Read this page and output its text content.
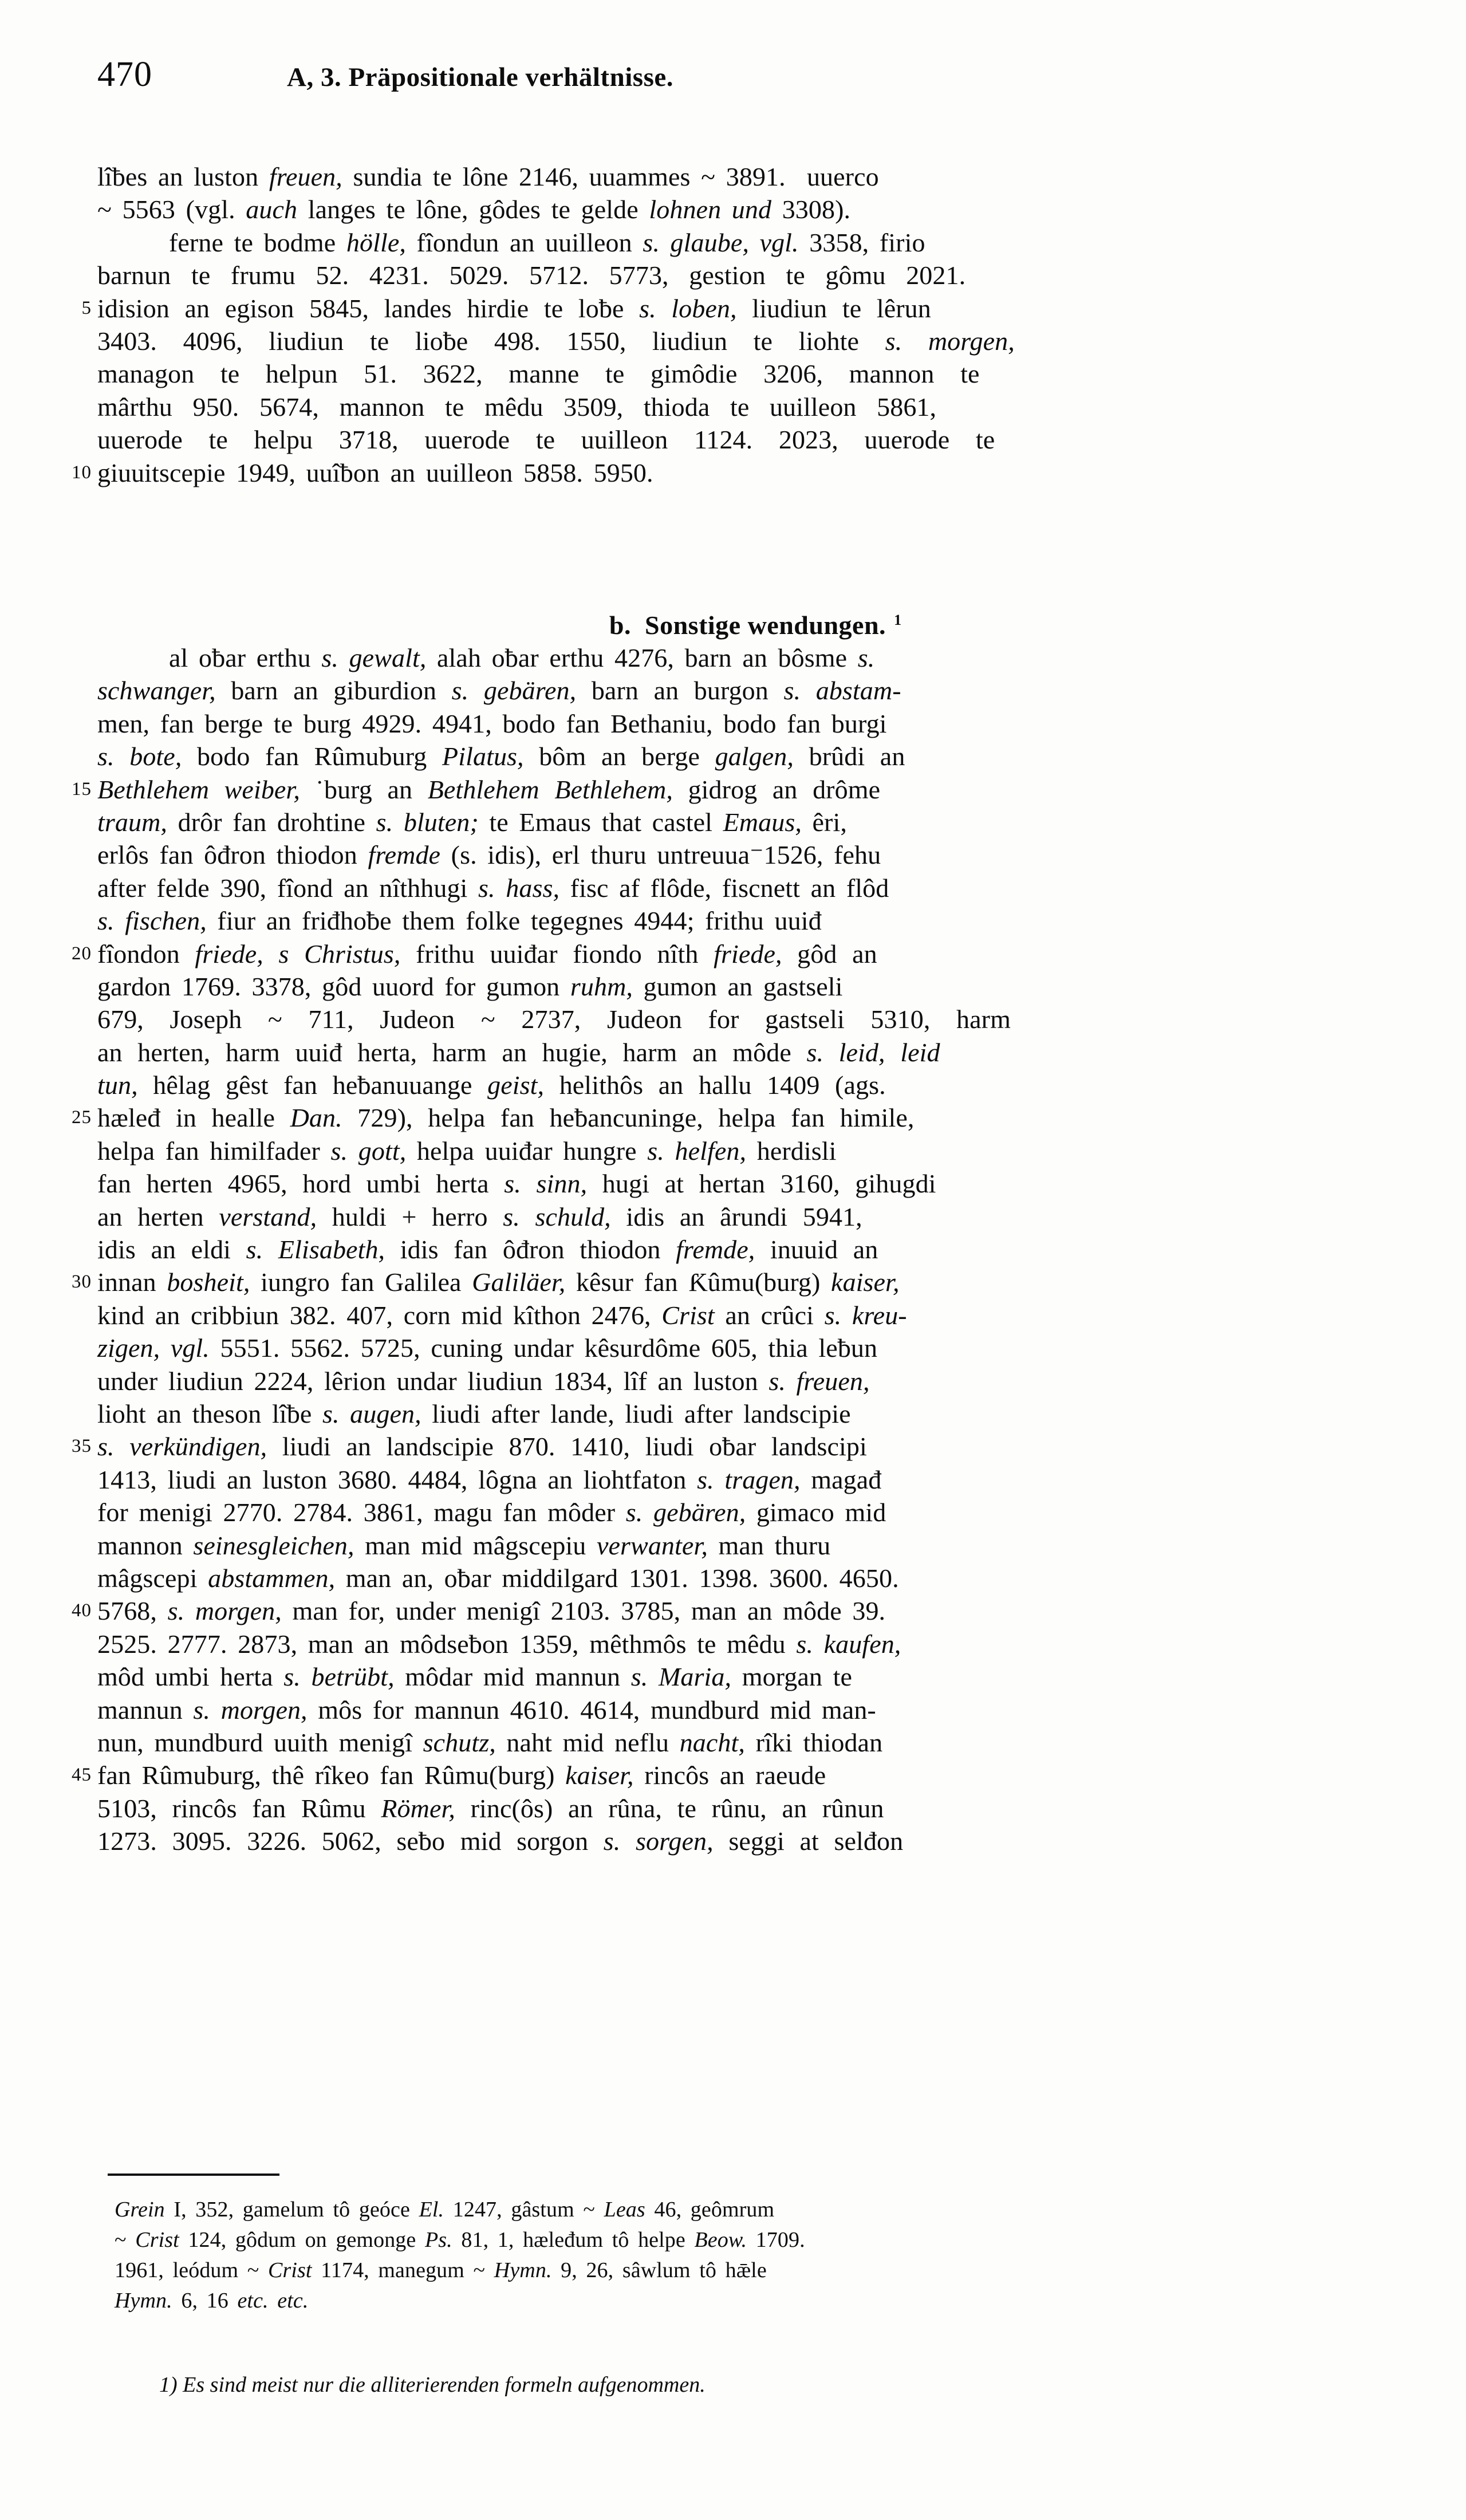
470	A, 3. Präpositionale verhältnisse.
lîƀes an luston freuen, sundia te lône 2146, uuammes ~ 3891.  uuerco
~ 5563 (vgl. auch langes te lône, gôdes te gelde lohnen und 3308).
ferne te bodme hölle, fîondun an uuilleon s. glaube, vgl. 3358, firio
barnun te frumu 52. 4231. 5029. 5712. 5773, gestion te gômu 2021.
5 idision an egison 5845, landes hirdie te loƀe s. loben, liudiun te lêrun
3403. 4096, liudiun te lioƀe 498. 1550, liudiun te liohte s. morgen,
managon te helpun 51. 3622, manne te gimôdie 3206, mannon te
mârthu 950. 5674, mannon te mêdu 3509, thioda te uuilleon 5861,
uuerode te helpu 3718, uuerode te uuilleon 1124. 2023, uuerode te
10 giuuitscepie 1949, uuîƀon an uuilleon 5858. 5950.

b.  Sonstige wendungen. $^1$

al oƀar erthu s. gewalt, alah oƀar erthu 4276, barn an bôsme s.
schwanger, barn an giburdion s. gebären, barn an burgon s. abstam-
men, fan berge te burg 4929. 4941, bodo fan Bethaniu, bodo fan burgi
s. bote, bodo fan Rûmuburg Pilatus, bôm an berge galgen, brûdi an
15 Bethlehem weiber, ˙burg an Bethlehem Bethlehem, gidrog an drôme
traum, drôr fan drohtine s. bluten; te Emaus that castel Emaus, êri,
erlôs fan ôđron thiodon fremde (s. idis), erl thuru untreuua⁻1526, fehu
after felde 390, fîond an nîthhugi s. hass, fisc af flôde, fiscnett an flôd
s. fischen, fiur an friđhoƀe them folke tegegnes 4944; frithu uuiđ
20 fîondon friede, s Christus, frithu uuiđar fiondo nîth friede, gôd an
gardon 1769. 3378, gôd uuord for gumon ruhm, gumon an gastseli
679, Joseph ~ 711, Judeon ~ 2737, Judeon for gastseli 5310, harm
an herten, harm uuiđ herta, harm an hugie, harm an môde s. leid, leid
tun, hêlag gêst fan heƀanuuange geist, helithôs an hallu 1409 (ags.
25 hæleđ in healle Dan. 729), helpa fan heƀancuninge, helpa fan himile,
helpa fan himilfader s. gott, helpa uuiđar hungre s. helfen, herdisli
fan herten 4965, hord umbi herta s. sinn, hugi at hertan 3160, gihugdi
an herten verstand, huldi + herro s. schuld, idis an ârundi 5941,
idis an eldi s. Elisabeth, idis fan ôđron thiodon fremde, inuuid an
30 innan bosheit, iungro fan Galilea Galiläer, kêsur fan Ƙûmu(burg) kaiser,
kind an cribbiun 382. 407, corn mid kîthon 2476, Crist an crûci s. kreu-
zigen, vgl. 5551. 5562. 5725, cuning undar kêsurdôme 605, thia leƀun
under liudiun 2224, lêrion undar liudiun 1834, lîf an luston s. freuen,
lioht an theson lîƀe s. augen, liudi after lande, liudi after landscipie
35 s. verkündigen, liudi an landscipie 870. 1410, liudi oƀar landscipi
1413, liudi an luston 3680. 4484, lôgna an liohtfaton s. tragen, magađ
for menigi 2770. 2784. 3861, magu fan môder s. gebären, gimaco mid
mannon seinesgleichen, man mid mâgscepiu verwanter, man thuru
mâgscepi abstammen, man an, oƀar middilgard 1301. 1398. 3600. 4650.
40 5768, s. morgen, man for, under menigî 2103. 3785, man an môde 39.
2525. 2777. 2873, man an môdseƀon 1359, mêthmôs te mêdu s. kaufen,
môd umbi herta s. betrübt, môdar mid mannun s. Maria, morgan te
mannun s. morgen, môs for mannun 4610. 4614, mundburd mid man-
nun, mundburd uuith menigî schutz, naht mid neflu nacht, rîki thiodan
45 fan Rûmuburg, thê rîkeo fan Rûmu(burg) kaiser, rincôs an raeude
5103, rincôs fan Rûmu Römer, rinc(ôs) an rûna, te rûnu, an rûnun
1273. 3095. 3226. 5062, seƀo mid sorgon s. sorgen, seggi at selđon
Grein I, 352, gamelum tô geóce El. 1247, gâstum ~ Leas 46, geômrum
~ Crist 124, gôdum on gemonge Ps. 81, 1, hæleđum tô helpe Beow. 1709.
1961, leódum ~ Crist 1174, manegum ~ Hymn. 9, 26, sâwlum tô hǣle
Hymn. 6, 16 etc. etc.
1) Es sind meist nur die alliterierenden formeln aufgenommen.
